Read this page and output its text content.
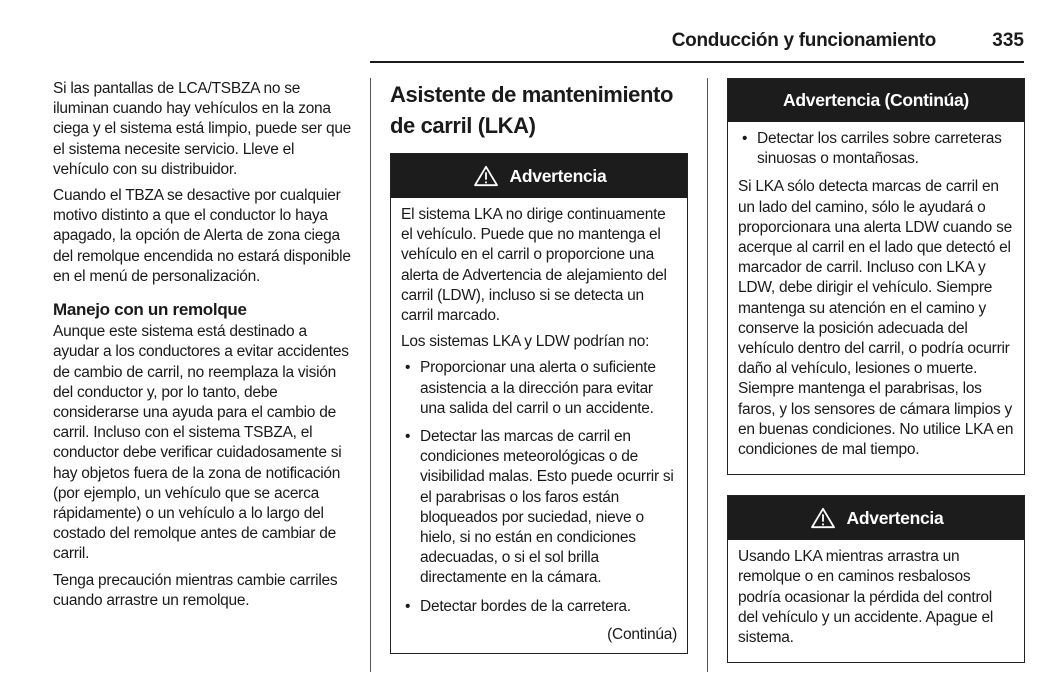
Conducción y funcionamiento	335

Si las pantallas de LCA/TSBZA no se iluminan cuando hay vehículos en la zona ciega y el sistema está limpio, puede ser que el sistema necesite servicio. Lleve el vehículo con su distribuidor.

Cuando el TBZA se desactive por cualquier motivo distinto a que el conductor lo haya apagado, la opción de Alerta de zona ciega del remolque encendida no estará disponible en el menú de personalización.

Manejo con un remolque

Aunque este sistema está destinado a ayudar a los conductores a evitar accidentes de cambio de carril, no reemplaza la visión del conductor y, por lo tanto, debe considerarse una ayuda para el cambio de carril. Incluso con el sistema TSBZA, el conductor debe verificar cuidadosamente si hay objetos fuera de la zona de notificación (por ejemplo, un vehículo que se acerca rápidamente) o un vehículo a lo largo del costado del remolque antes de cambiar de carril.

Tenga precaución mientras cambie carriles cuando arrastre un remolque.

Asistente de mantenimiento de carril (LKA)
Advertencia

El sistema LKA no dirige continuamente el vehículo. Puede que no mantenga el vehículo en el carril o proporcione una alerta de Advertencia de alejamiento del carril (LDW), incluso si se detecta un carril marcado.

Los sistemas LKA y LDW podrían no:

• Proporcionar una alerta o suficiente asistencia a la dirección para evitar una salida del carril o un accidente.
• Detectar las marcas de carril en condiciones meteorológicas o de visibilidad malas. Esto puede ocurrir si el parabrisas o los faros están bloqueados por suciedad, nieve o hielo, si no están en condiciones adecuadas, o si el sol brilla directamente en la cámara.
• Detectar bordes de la carretera.
(Continúa)
Advertencia (Continúa)
• Detectar los carriles sobre carreteras sinuosas o montañosas.

Si LKA sólo detecta marcas de carril en un lado del camino, sólo le ayudará o proporcionara una alerta LDW cuando se acerque al carril en el lado que detectó el marcador de carril. Incluso con LKA y LDW, debe dirigir el vehículo. Siempre mantenga su atención en el camino y conserve la posición adecuada del vehículo dentro del carril, o podría ocurrir daño al vehículo, lesiones o muerte. Siempre mantenga el parabrisas, los faros, y los sensores de cámara limpios y en buenas condiciones. No utilice LKA en condiciones de mal tiempo.

Advertencia

Usando LKA mientras arrastra un remolque o en caminos resbalosos podría ocasionar la pérdida del control del vehículo y un accidente. Apague el sistema.
